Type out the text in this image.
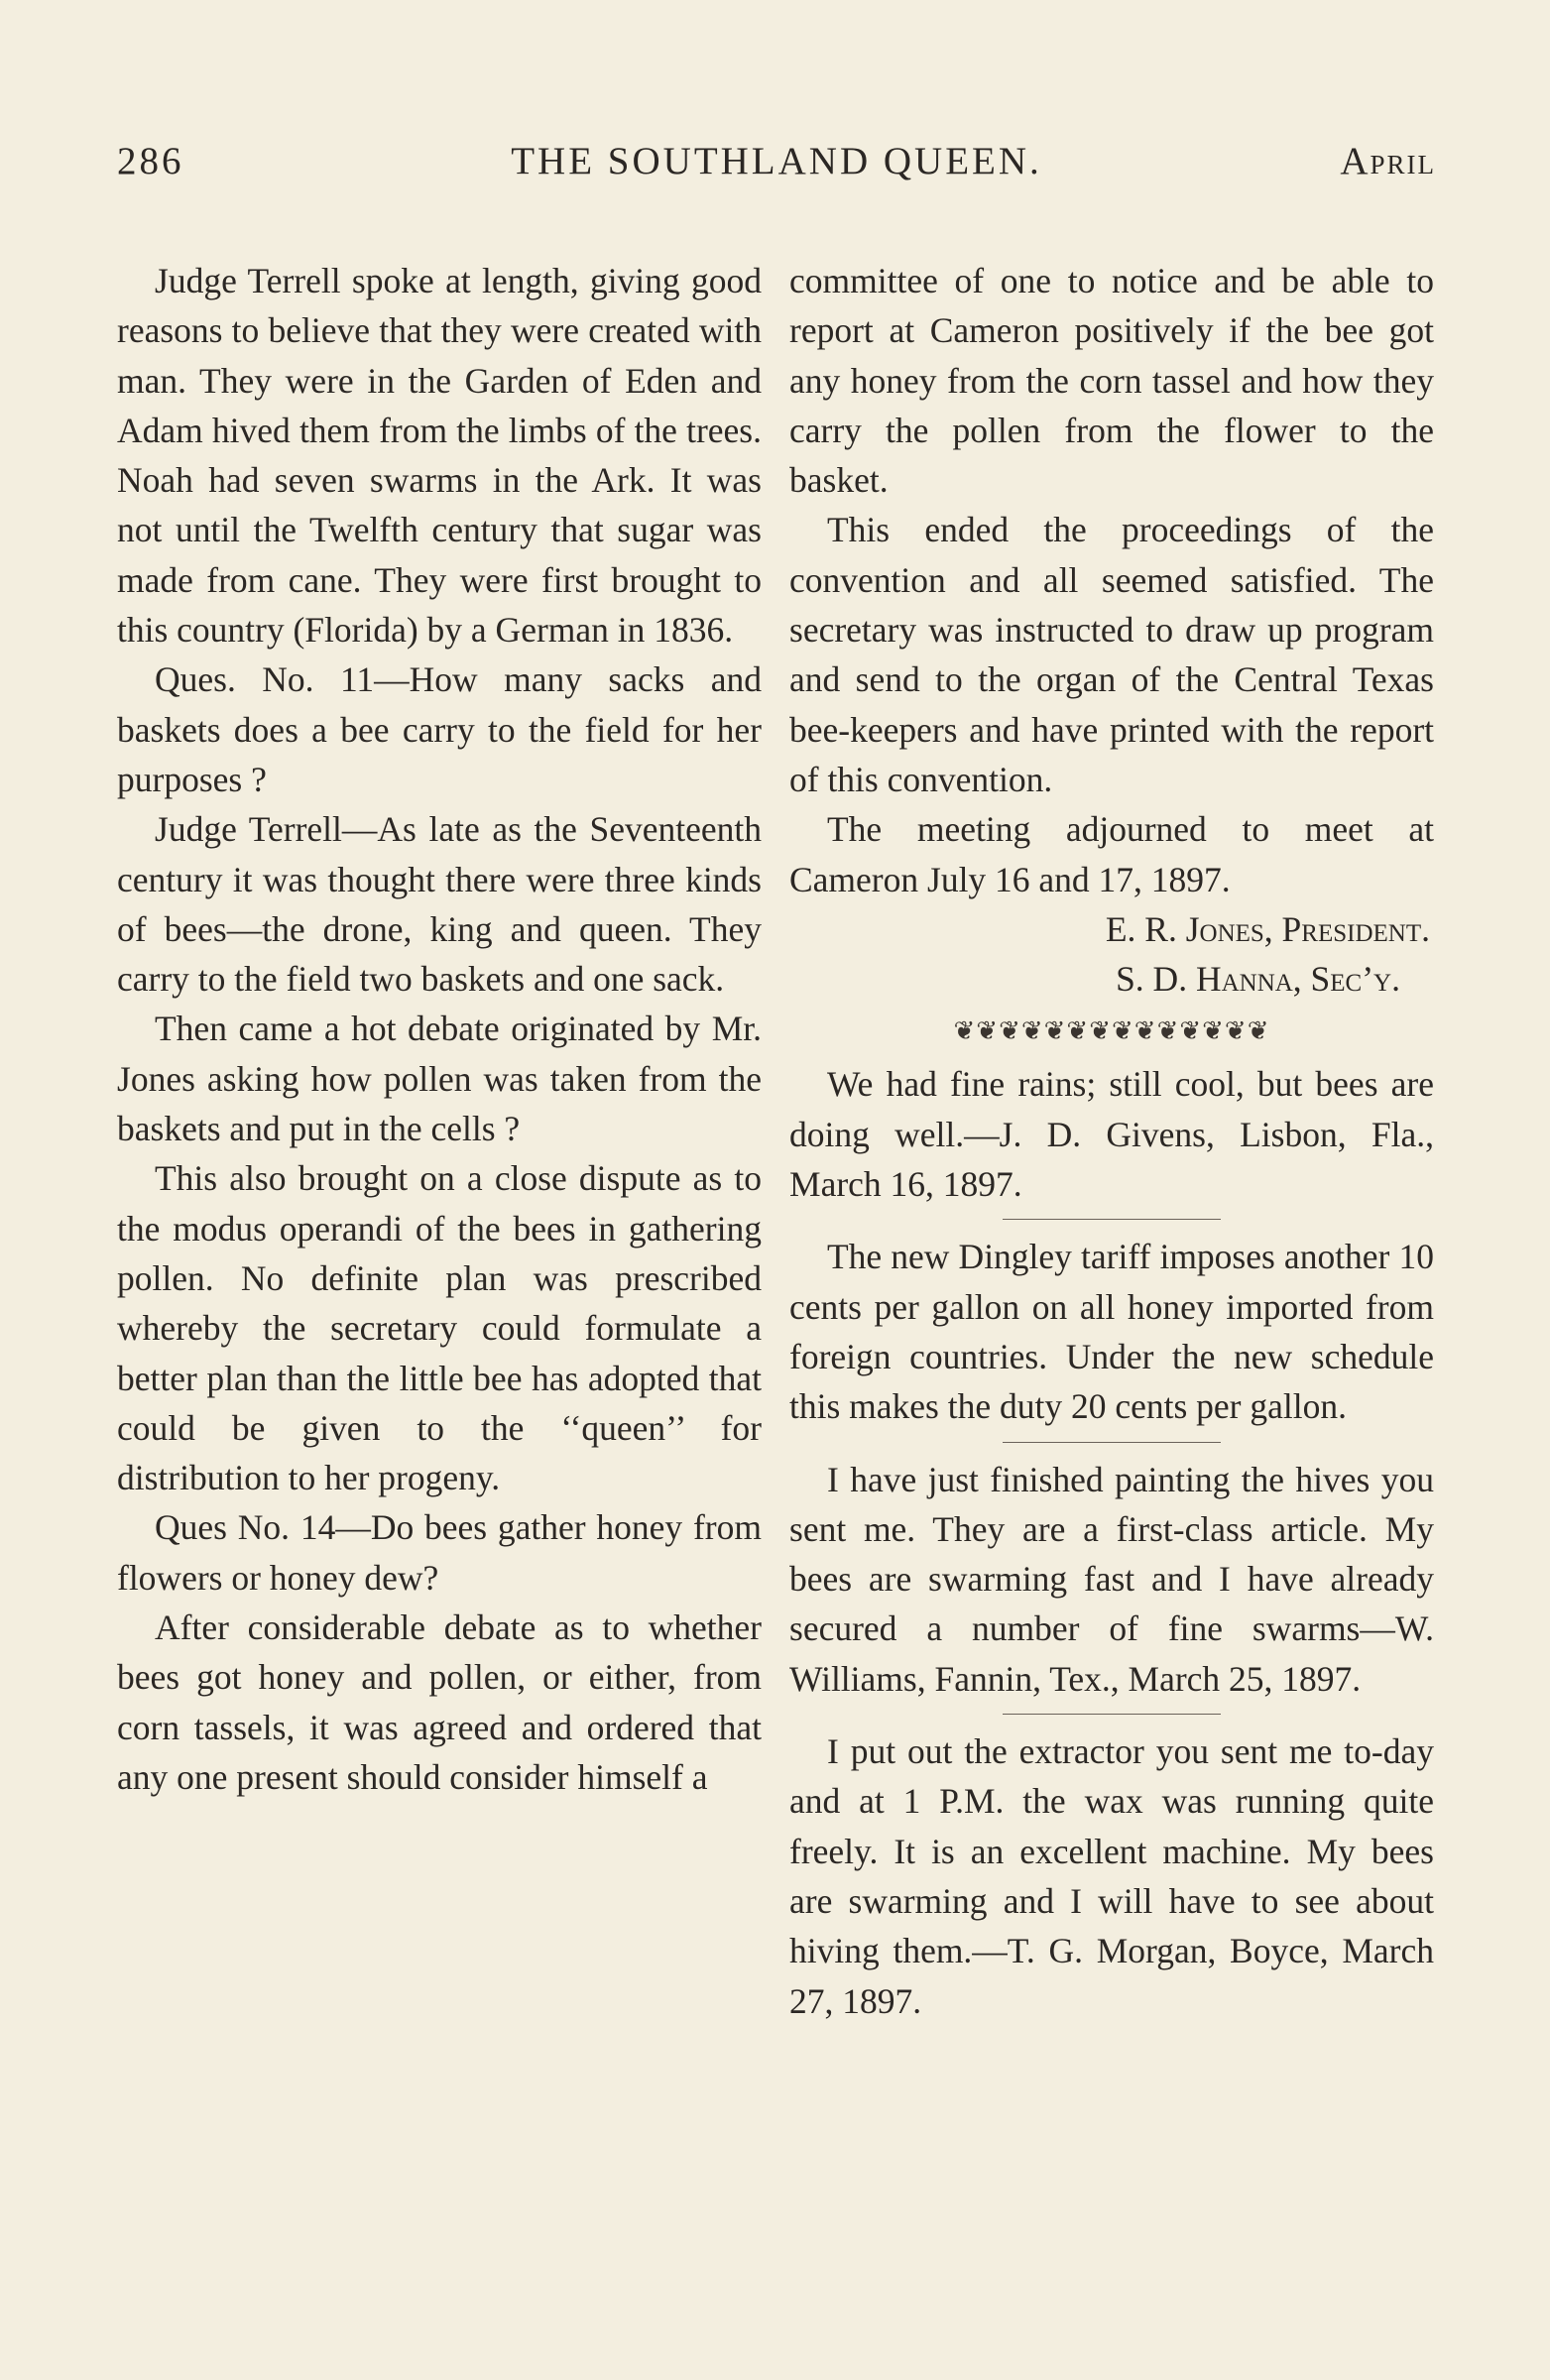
286	THE SOUTHLAND QUEEN.	April

Judge Terrell spoke at length, giving good reasons to believe that they were created with man. They were in the Garden of Eden and Adam hived them from the limbs of the trees. Noah had seven swarms in the Ark. It was not until the Twelfth century that sugar was made from cane. They were first brought to this country (Florida) by a German in 1836.

Ques. No. 11—How many sacks and baskets does a bee carry to the field for her purposes ?

Judge Terrell—As late as the Seventeenth century it was thought there were three kinds of bees—the drone, king and queen. They carry to the field two baskets and one sack.

Then came a hot debate originated by Mr. Jones asking how pollen was taken from the baskets and put in the cells ?

This also brought on a close dispute as to the modus operandi of the bees in gathering pollen. No definite plan was prescribed whereby the secretary could formulate a better plan than the little bee has adopted that could be given to the ‘‘queen’’ for distribution to her progeny.

Ques No. 14—Do bees gather honey from flowers or honey dew?

After considerable debate as to whether bees got honey and pollen, or either, from corn tassels, it was agreed and ordered that any one present should consider himself a

committee of one to notice and be able to report at Cameron positively if the bee got any honey from the corn tassel and how they carry the pollen from the flower to the basket.

This ended the proceedings of the convention and all seemed satisfied. The secretary was instructed to draw up program and send to the organ of the Central Texas bee-keepers and have printed with the report of this convention.

The meeting adjourned to meet at Cameron July 16 and 17, 1897.

E. R. Jones, President.

S. D. Hanna, Sec’y.

❦❦❦❦❦❦❦❦❦❦❦❦❦❦

We had fine rains; still cool, but bees are doing well.—J. D. Givens, Lisbon, Fla., March 16, 1897.

The new Dingley tariff imposes another 10 cents per gallon on all honey imported from foreign countries. Under the new schedule this makes the duty 20 cents per gallon.

I have just finished painting the hives you sent me. They are a first-class article. My bees are swarming fast and I have already secured a number of fine swarms—W. Williams, Fannin, Tex., March 25, 1897.

I put out the extractor you sent me to-day and at 1 P.M. the wax was running quite freely. It is an excellent machine. My bees are swarming and I will have to see about hiving them.—T. G. Morgan, Boyce, March 27, 1897.
